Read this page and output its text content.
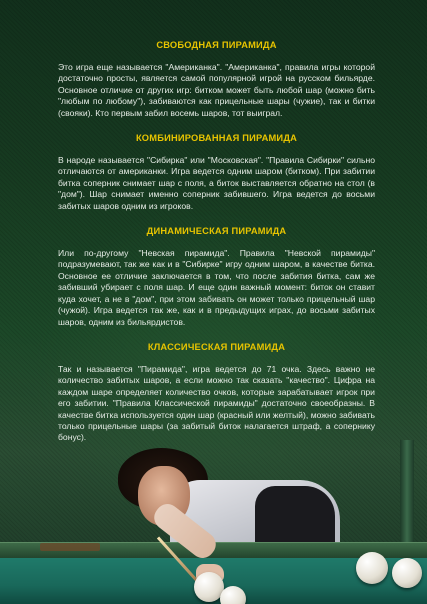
СВОБОДНАЯ ПИРАМИДА

Это игра еще называется "Американка". "Американка", правила игры которой достаточно просты, является самой популярной игрой на русском бильярде. Основное отличие от других игр: битком может быть любой шар (можно бить "любым по любому"), забиваются как прицельные шары (чужие), так и битки (свояки). Кто первым забил восемь шаров, тот выиграл.

КОМБИНИРОВАННАЯ ПИРАМИДА

В народе называется "Сибирка" или "Московская". "Правила Сибирки" сильно отличаются от американки. Игра ведется одним шаром (битком). При забитии битка соперник снимает шар с поля, а биток выставляется обратно на стол (в "дом"). Шар снимает именно соперник забившего. Игра ведется до восьми забитых шаров одним из игроков.

ДИНАМИЧЕСКАЯ ПИРАМИДА

Или по-другому "Невская пирамида". Правила "Невской пирамиды" подразумевают, так же как и в "Сибирке" игру одним шаром, в качестве битка. Основное ее отличие заключается в том, что после забития битка, сам же забивший убирает с поля шар. И еще один важный момент: биток он ставит куда хочет, а не в "дом", при этом забивать он может только прицельный шар (чужой). Игра ведется так же, как и в предыдущих играх, до восьми забитых шаров, одним из бильярдистов.

КЛАССИЧЕСКАЯ ПИРАМИДА

Так и называется "Пирамида", игра ведется до 71 очка. Здесь важно не количество забитых шаров, а если можно так сказать "качество". Цифра на каждом шаре определяет количество очков, которые зарабатывает игрок при его забитии. "Правила Классической пирамиды" достаточно своеобразны. В качестве битка используется один шар (красный или желтый), можно забивать только прицельные шары (за забитый биток налагается штраф, а сопернику бонус).
